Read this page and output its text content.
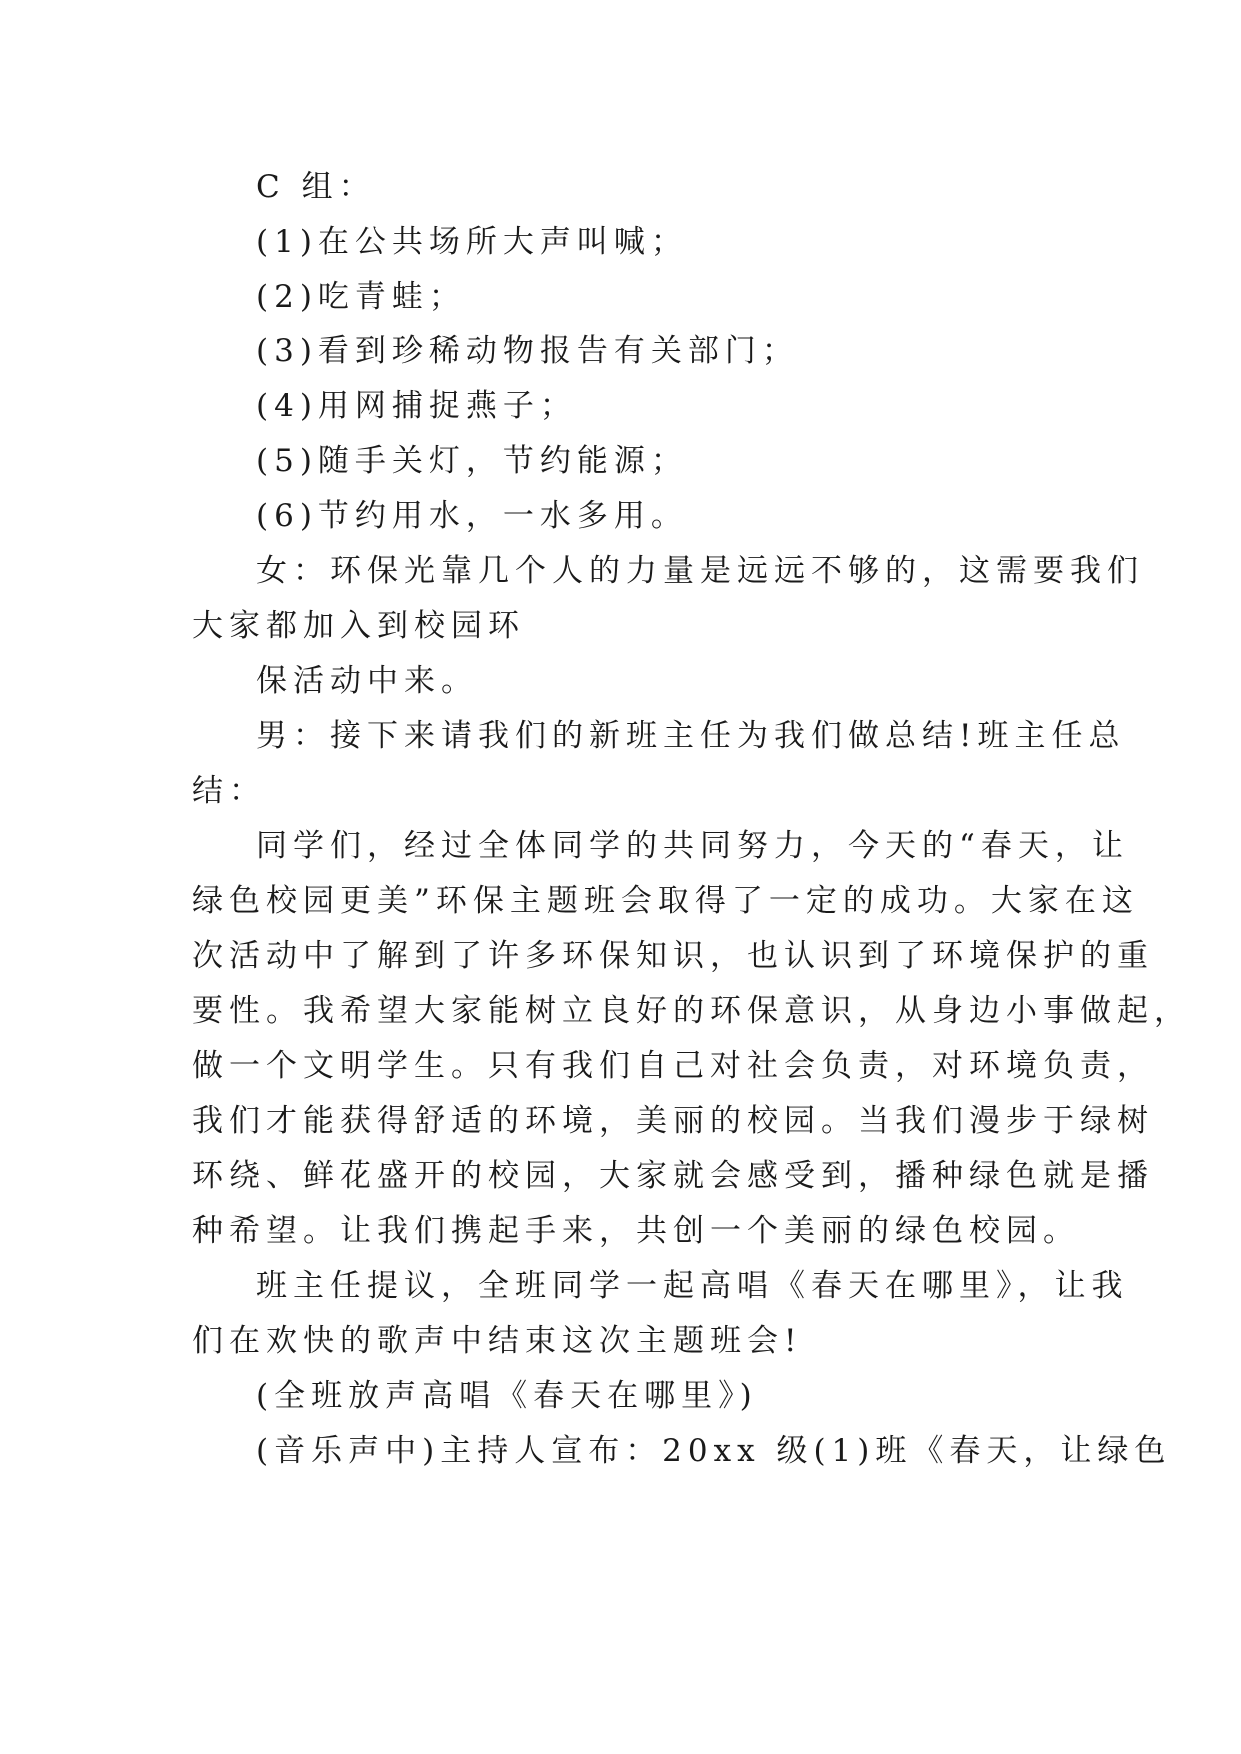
C 组：
(1)在公共场所大声叫喊；
(2)吃青蛙；
(3)看到珍稀动物报告有关部门；
(4)用网捕捉燕子；
(5)随手关灯，节约能源；
(6)节约用水，一水多用。
女：环保光靠几个人的力量是远远不够的，这需要我们
大家都加入到校园环
保活动中来。
男：接下来请我们的新班主任为我们做总结!班主任总
结：
同学们，经过全体同学的共同努力，今天的“春天，让
绿色校园更美”环保主题班会取得了一定的成功。大家在这
次活动中了解到了许多环保知识，也认识到了环境保护的重
要性。我希望大家能树立良好的环保意识，从身边小事做起，
做一个文明学生。只有我们自己对社会负责，对环境负责，
我们才能获得舒适的环境，美丽的校园。当我们漫步于绿树
环绕、鲜花盛开的校园，大家就会感受到，播种绿色就是播
种希望。让我们携起手来，共创一个美丽的绿色校园。
班主任提议，全班同学一起高唱《春天在哪里》，让我
们在欢快的歌声中结束这次主题班会!
(全班放声高唱《春天在哪里》)
(音乐声中)主持人宣布：20xx 级(1)班《春天，让绿色
